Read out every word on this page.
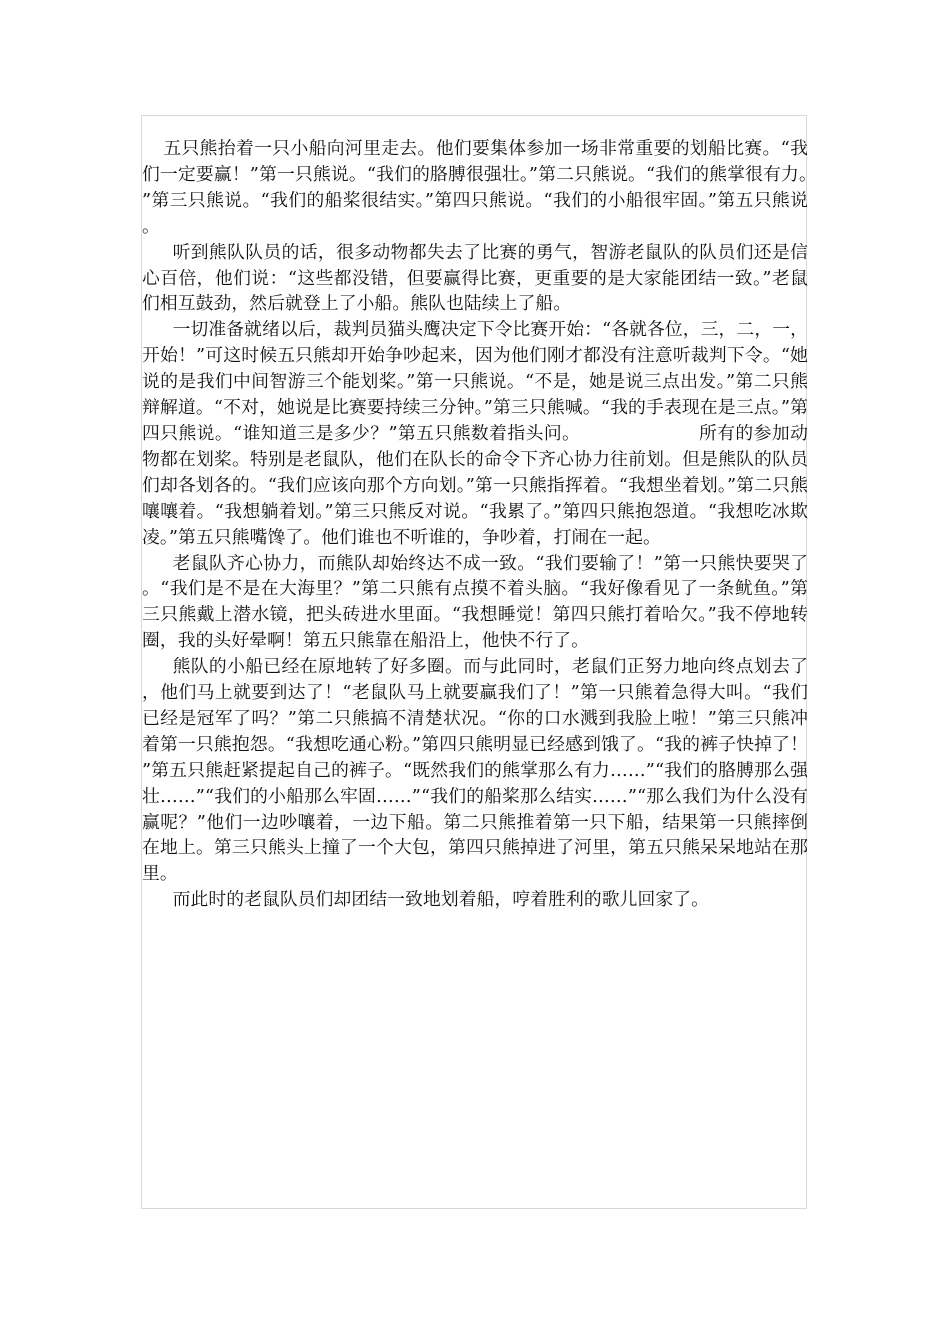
五只熊抬着一只小船向河里走去。他们要集体参加一场非常重要的划船比赛。“我们一定要赢！”第一只熊说。“我们的胳膊很强壮。”第二只熊说。“我们的熊掌很有力。”第三只熊说。“我们的船桨很结实。”第四只熊说。“我们的小船很牢固。”第五只熊说。

听到熊队队员的话，很多动物都失去了比赛的勇气，智游老鼠队的队员们还是信心百倍，他们说：“这些都没错，但要赢得比赛，更重要的是大家能团结一致。”老鼠们相互鼓劲，然后就登上了小船。熊队也陆续上了船。

一切准备就绪以后，裁判员猫头鹰决定下令比赛开始：“各就各位，三，二，一，开始！”可这时候五只熊却开始争吵起来，因为他们刚才都没有注意听裁判下令。“她说的是我们中间智游三个能划桨。”第一只熊说。“不是，她是说三点出发。”第二只熊辩解道。“不对，她说是比赛要持续三分钟。”第三只熊喊。“我的手表现在是三点。”第四只熊说。“谁知道三是多少？”第五只熊数着指头问。　　　　　　　所有的参加动物都在划桨。特别是老鼠队，他们在队长的命令下齐心协力往前划。但是熊队的队员们却各划各的。“我们应该向那个方向划。”第一只熊指挥着。“我想坐着划。”第二只熊嚷嚷着。“我想躺着划。”第三只熊反对说。“我累了。”第四只熊抱怨道。“我想吃冰欺凌。”第五只熊嘴馋了。他们谁也不听谁的，争吵着，打闹在一起。

老鼠队齐心协力，而熊队却始终达不成一致。“我们要输了！”第一只熊快要哭了。“我们是不是在大海里？”第二只熊有点摸不着头脑。“我好像看见了一条鱿鱼。”第三只熊戴上潜水镜，把头砖进水里面。“我想睡觉！第四只熊打着哈欠。”我不停地转圈，我的头好晕啊！第五只熊靠在船沿上，他快不行了。

熊队的小船已经在原地转了好多圈。而与此同时，老鼠们正努力地向终点划去了，他们马上就要到达了！“老鼠队马上就要赢我们了！”第一只熊着急得大叫。“我们已经是冠军了吗？”第二只熊搞不清楚状况。“你的口水溅到我脸上啦！”第三只熊冲着第一只熊抱怨。“我想吃通心粉。”第四只熊明显已经感到饿了。“我的裤子快掉了！”第五只熊赶紧提起自己的裤子。“既然我们的熊掌那么有力……”“我们的胳膊那么强壮……”“我们的小船那么牢固……”“我们的船桨那么结实……”“那么我们为什么没有赢呢？”他们一边吵嚷着，一边下船。第二只熊推着第一只下船，结果第一只熊摔倒在地上。第三只熊头上撞了一个大包，第四只熊掉进了河里，第五只熊呆呆地站在那里。

而此时的老鼠队员们却团结一致地划着船，哼着胜利的歌儿回家了。
